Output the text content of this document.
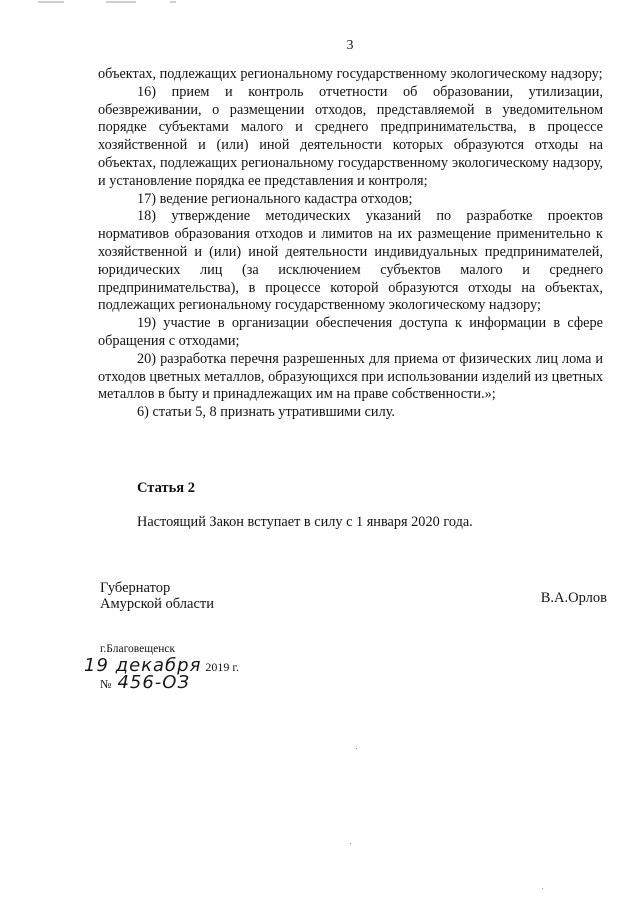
3

объектах, подлежащих региональному государственному экологическому надзору;

16) прием и контроль отчетности об образовании, утилизации, обезвреживании, о размещении отходов, представляемой в уведомительном порядке субъектами малого и среднего предпринимательства, в процессе хозяйственной и (или) иной деятельности которых образуются отходы на объектах, подлежащих региональному государственному экологическому надзору, и установление порядка ее представления и контроля;

17) ведение регионального кадастра отходов;

18) утверждение методических указаний по разработке проектов нормативов образования отходов и лимитов на их размещение применительно к хозяйственной и (или) иной деятельности индивидуальных предпринимателей, юридических лиц (за исключением субъектов малого и среднего предпринимательства), в процессе которой образуются отходы на объектах, подлежащих региональному государственному экологическому надзору;

19) участие в организации обеспечения доступа к информации в сфере обращения с отходами;

20) разработка перечня разрешенных для приема от физических лиц лома и отходов цветных металлов, образующихся при использовании изделий из цветных металлов в быту и принадлежащих им на праве собственности.»;

6) статьи 5, 8 признать утратившими силу.

Статья 2
Настоящий Закон вступает в силу с 1 января 2020 года.
Губернатор
Амурской области	В.А.Орлов
г.Благовещенск
19 декабря 2019 г.
№ 456-ОЗ
